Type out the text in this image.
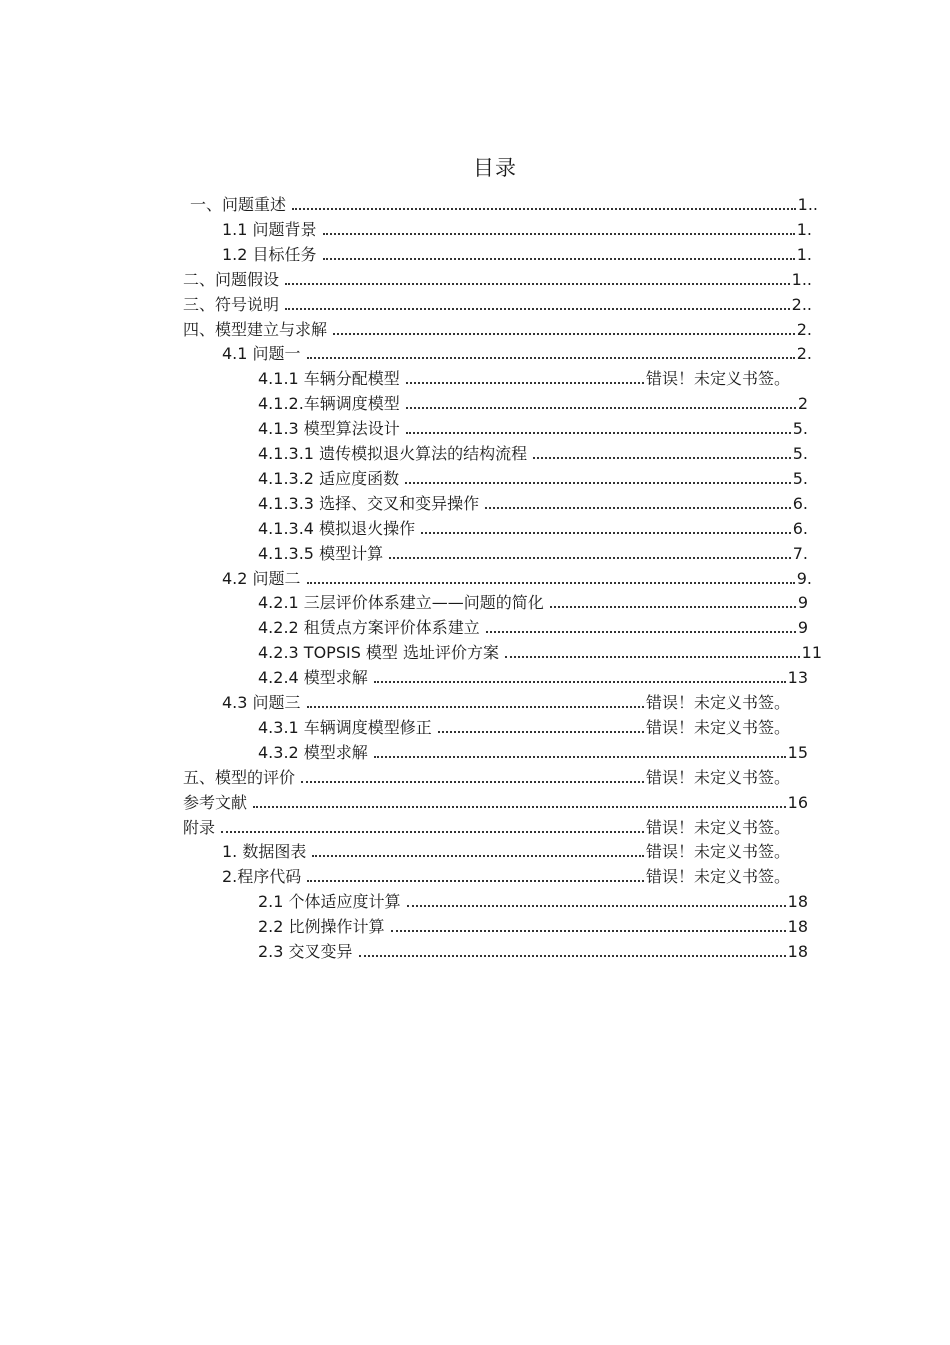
目录
一、问题重述	1..
1.1 问题背景	1.
1.2 目标任务	1.
二、问题假设	1..
三、符号说明	2..
四、模型建立与求解	2.
4.1 问题一	2.
4.1.1 车辆分配模型	错误！未定义书签。
4.1.2.车辆调度模型	2
4.1.3 模型算法设计	5.
4.1.3.1 遗传模拟退火算法的结构流程	5.
4.1.3.2 适应度函数	5.
4.1.3.3 选择、交叉和变异操作	6.
4.1.3.4 模拟退火操作	6.
4.1.3.5 模型计算	7.
4.2 问题二	9.
4.2.1 三层评价体系建立——问题的简化	9
4.2.2 租赁点方案评价体系建立	9
4.2.3 TOPSIS 模型 选址评价方案	11
4.2.4 模型求解	13
4.3 问题三	错误！未定义书签。
4.3.1 车辆调度模型修正	错误！未定义书签。
4.3.2 模型求解	15
五、模型的评价	错误！未定义书签。
参考文献	16
附录	错误！未定义书签。
1. 数据图表	错误！未定义书签。
2.程序代码	错误！未定义书签。
2.1 个体适应度计算	18
2.2 比例操作计算	18
2.3 交叉变异	18
